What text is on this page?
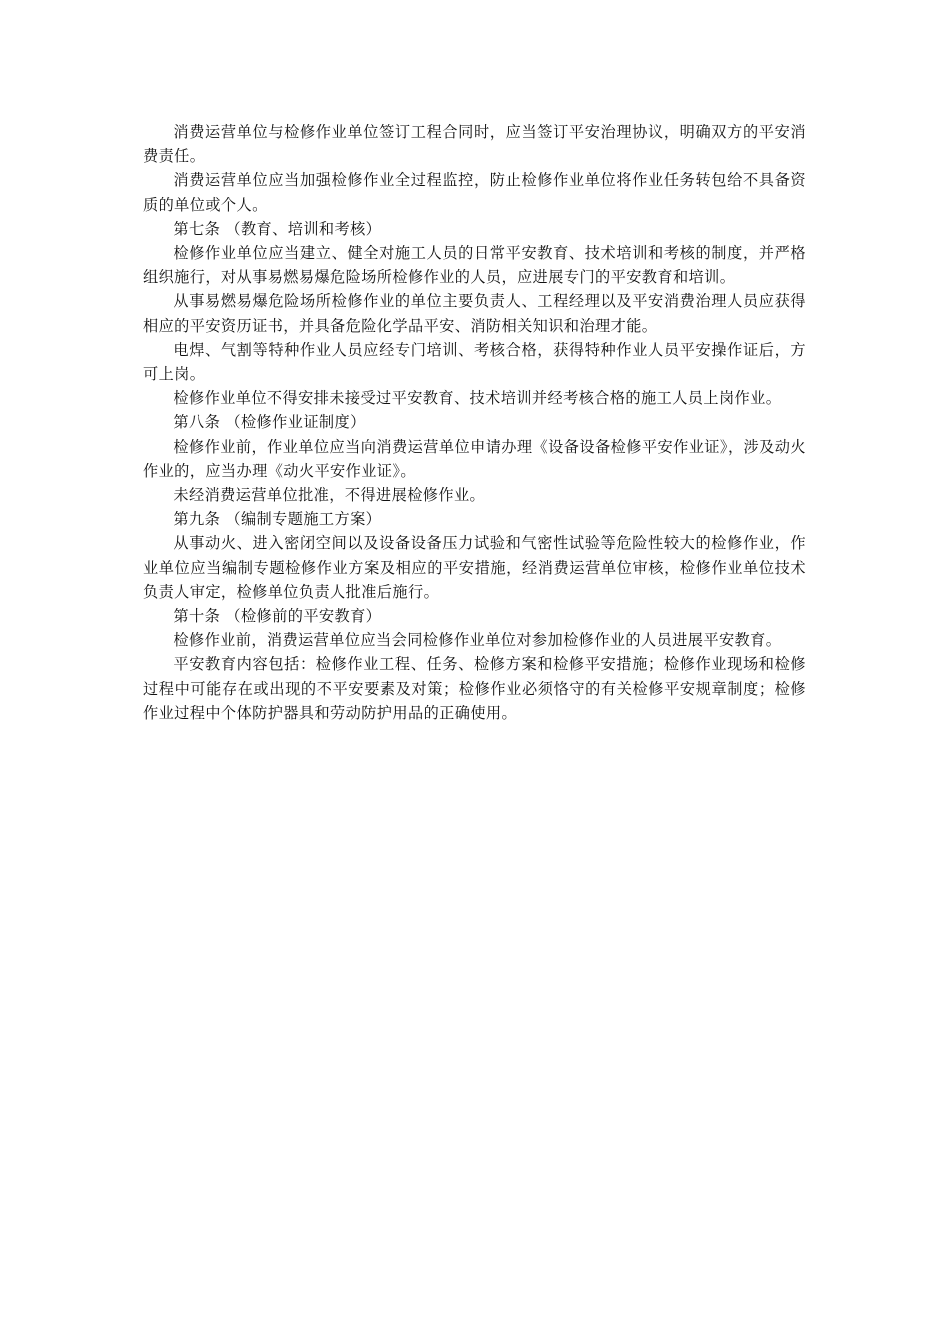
消费运营单位与检修作业单位签订工程合同时，应当签订平安治理协议，明确双方的平安消费责任。

消费运营单位应当加强检修作业全过程监控，防止检修作业单位将作业任务转包给不具备资质的单位或个人。

第七条 （教育、培训和考核）

检修作业单位应当建立、健全对施工人员的日常平安教育、技术培训和考核的制度，并严格组织施行，对从事易燃易爆危险场所检修作业的人员，应进展专门的平安教育和培训。

从事易燃易爆危险场所检修作业的单位主要负责人、工程经理以及平安消费治理人员应获得相应的平安资历证书，并具备危险化学品平安、消防相关知识和治理才能。

电焊、气割等特种作业人员应经专门培训、考核合格，获得特种作业人员平安操作证后，方可上岗。

检修作业单位不得安排未接受过平安教育、技术培训并经考核合格的施工人员上岗作业。

第八条 （检修作业证制度）

检修作业前，作业单位应当向消费运营单位申请办理《设备设备检修平安作业证》，涉及动火作业的，应当办理《动火平安作业证》。

未经消费运营单位批准，不得进展检修作业。

第九条 （编制专题施工方案）

从事动火、进入密闭空间以及设备设备压力试验和气密性试验等危险性较大的检修作业，作业单位应当编制专题检修作业方案及相应的平安措施，经消费运营单位审核，检修作业单位技术负责人审定，检修单位负责人批准后施行。

第十条 （检修前的平安教育）

检修作业前，消费运营单位应当会同检修作业单位对参加检修作业的人员进展平安教育。

平安教育内容包括：检修作业工程、任务、检修方案和检修平安措施；检修作业现场和检修过程中可能存在或出现的不平安要素及对策；检修作业必须恪守的有关检修平安规章制度；检修作业过程中个体防护器具和劳动防护用品的正确使用。
